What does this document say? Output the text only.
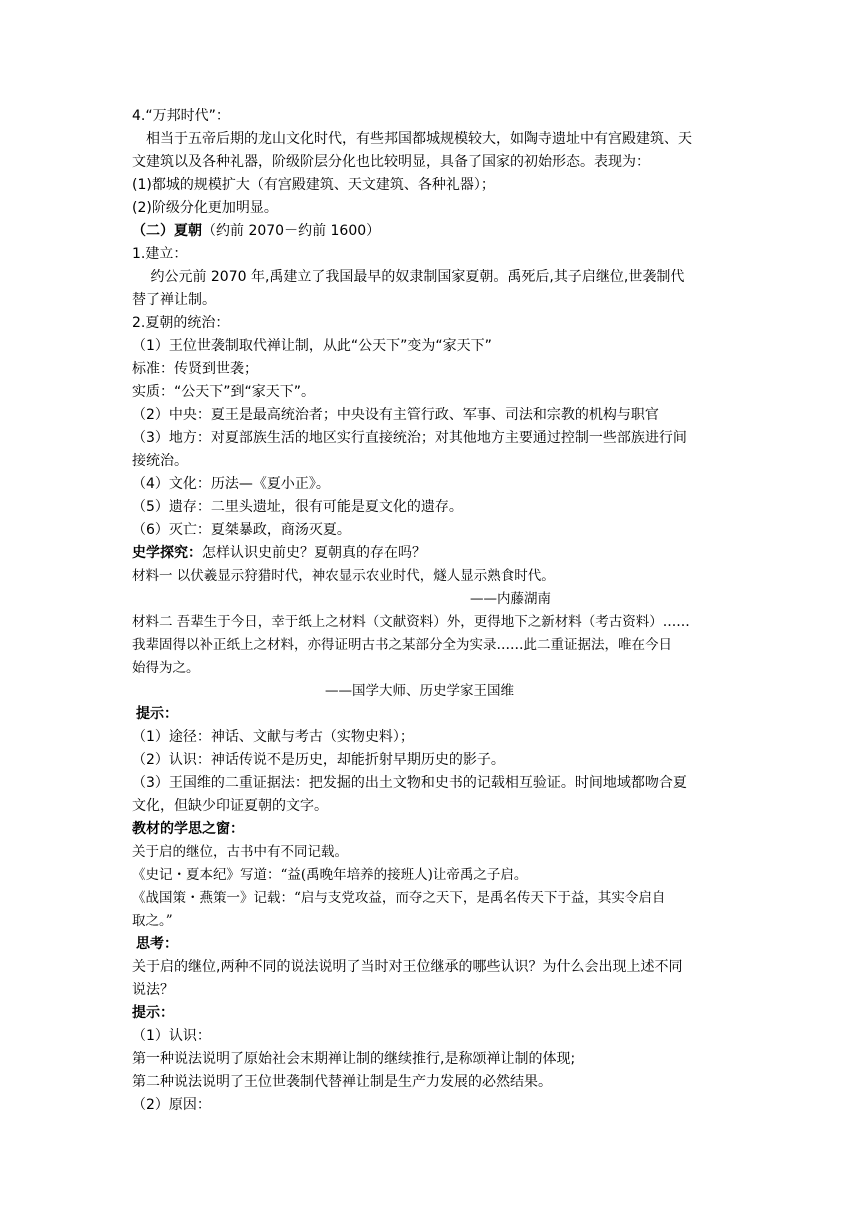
4.“万邦时代”：
　相当于五帝后期的龙山文化时代，有些邦国都城规模较大，如陶寺遗址中有宫殿建筑、天
文建筑以及各种礼器，阶级阶层分化也比较明显，具备了国家的初始形态。表现为：
(1)都城的规模扩大（有宫殿建筑、天文建筑、各种礼器）；
(2)阶级分化更加明显。
（二）夏朝（约前 2070－约前 1600）
1.建立：
　 约公元前 2070 年,禹建立了我国最早的奴隶制国家夏朝。禹死后,其子启继位,世袭制代
替了禅让制。
2.夏朝的统治：
（1）王位世袭制取代禅让制，从此“公天下”变为“家天下”
标准：传贤到世袭；
实质：“公天下”到“家天下”。
（2）中央：夏王是最高统治者；中央设有主管行政、军事、司法和宗教的机构与职官
（3）地方：对夏部族生活的地区实行直接统治；对其他地方主要通过控制一些部族进行间
接统治。
（4）文化：历法—《夏小正》。
（5）遗存：二里头遗址，很有可能是夏文化的遗存。
（6）灭亡：夏桀暴政，商汤灭夏。
史学探究：怎样认识史前史？夏朝真的存在吗？
材料一 以伏羲显示狩猎时代，神农显示农业时代，燧人显示熟食时代。
——内藤湖南
材料二 吾辈生于今日，幸于纸上之材料（文献资料）外，更得地下之新材料（考古资料）……
我辈固得以补正纸上之材料，亦得证明古书之某部分全为实录……此二重证据法，唯在今日
始得为之。
——国学大师、历史学家王国维
提示：
（1）途径：神话、文献与考古（实物史料）；
（2）认识：神话传说不是历史，却能折射早期历史的影子。
（3）王国维的二重证据法：把发掘的出土文物和史书的记载相互验证。时间地域都吻合夏
文化，但缺少印证夏朝的文字。
教材的学思之窗：
关于启的继位，古书中有不同记载。
《史记・夏本纪》写道：“益(禹晚年培养的接班人)让帝禹之子启。
《战国策・燕策一》记载：“启与支党攻益，而夺之天下，是禹名传天下于益，其实令启自
取之。”
思考：
关于启的继位,两种不同的说法说明了当时对王位继承的哪些认识？为什么会出现上述不同
说法？
提示：
（1）认识：
第一种说法说明了原始社会末期禅让制的继续推行,是称颂禅让制的体现;
第二种说法说明了王位世袭制代替禅让制是生产力发展的必然结果。
（2）原因：
